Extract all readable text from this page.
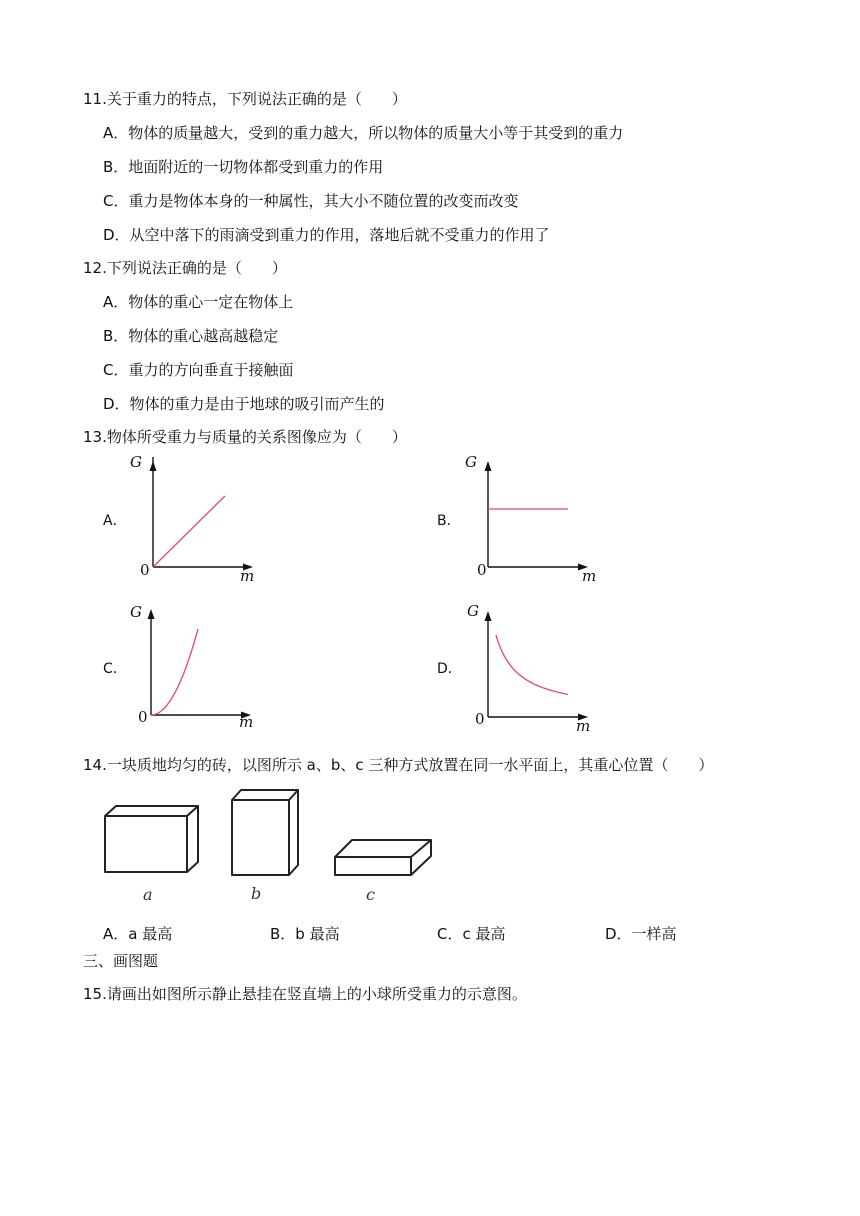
11.关于重力的特点，下列说法正确的是（　　）
A．物体的质量越大，受到的重力越大，所以物体的质量大小等于其受到的重力
B．地面附近的一切物体都受到重力的作用
C．重力是物体本身的一种属性，其大小不随位置的改变而改变
D．从空中落下的雨滴受到重力的作用，落地后就不受重力的作用了
12.下列说法正确的是（　　）
A．物体的重心一定在物体上
B．物体的重心越高越稳定
C．重力的方向垂直于接触面
D．物体的重力是由于地球的吸引而产生的
13.物体所受重力与质量的关系图像应为（　　）
A．
G
m
0
B．
G
m
0
C．
G
m
0
D．
G
m
0
14.一块质地均匀的砖，以图所示 a、b、c 三种方式放置在同一水平面上，其重心位置（　　）
a	b	c
A．a 最高	B．b 最高	C．c 最高	D．一样高
三、画图题
15.请画出如图所示静止悬挂在竖直墙上的小球所受重力的示意图。
